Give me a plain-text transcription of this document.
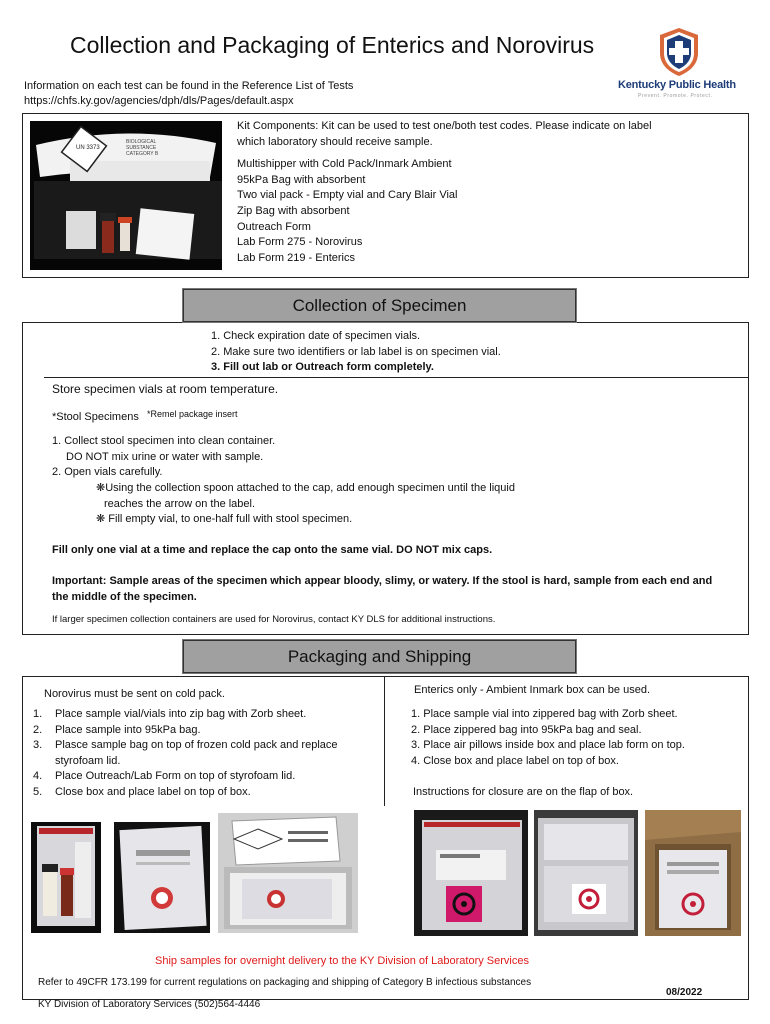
Collection and Packaging of Enterics and Norovirus
Information on each test can be found in the Reference List of Tests
https://chfs.ky.gov/agencies/dph/dls/Pages/default.aspx
Kentucky Public Health
Prevent. Promote. Protect.
UN 3373
BIOLOGICAL
SUBSTANCE
CATEGORY B
Kit Components: Kit can be used to test one/both test codes. Please indicate on label
which laboratory should receive sample.
Multishipper with Cold Pack/Inmark Ambient
95kPa Bag with absorbent
Two vial pack - Empty vial and Cary Blair Vial
Zip Bag with absorbent
Outreach Form
Lab Form 275 - Norovirus
Lab Form 219 - Enterics
Collection of Specimen
1. Check expiration date of specimen vials.
2. Make sure two identifiers or lab label is on specimen vial.
3. Fill out lab or Outreach form completely.
Store specimen vials at room temperature.
*Stool Specimens *Remel package insert
1. Collect stool specimen into clean container.
DO NOT mix urine or water with sample.
2. Open vials carefully.
❋Using the collection spoon attached to the cap, add enough specimen until the liquid
reaches the arrow on the label.
❋ Fill empty vial, to one-half full with stool specimen.
Fill only one vial at a time and replace the cap onto the same vial. DO NOT mix caps.
Important: Sample areas of the specimen which appear bloody, slimy, or watery. If the stool is hard, sample from each end and
the middle of the specimen.
If larger specimen collection containers are used for Norovirus, contact KY DLS for additional instructions.
Packaging and Shipping
Norovirus must be sent on cold pack.
1. Place sample vial/vials into zip bag with Zorb sheet.
2. Place sample into 95kPa bag.
3. Plasce sample bag on top of frozen cold pack and replace
styrofoam lid.
4. Place Outreach/Lab Form on top of styrofoam lid.
5. Close box and place label on top of box.
Enterics only - Ambient Inmark box can be used.
1. Place sample vial into zippered bag with Zorb sheet.
2. Place zippered bag into 95kPa bag and seal.
3. Place air pillows inside box and place lab form on top.
4. Close box and place label on top of box.
Instructions for closure are on the flap of box.
Ship samples for overnight delivery to the KY Division of Laboratory Services
Refer to 49CFR 173.199 for current regulations on packaging and shipping of Category B infectious substances
KY Division of Laboratory Services (502)564-4446
08/2022
